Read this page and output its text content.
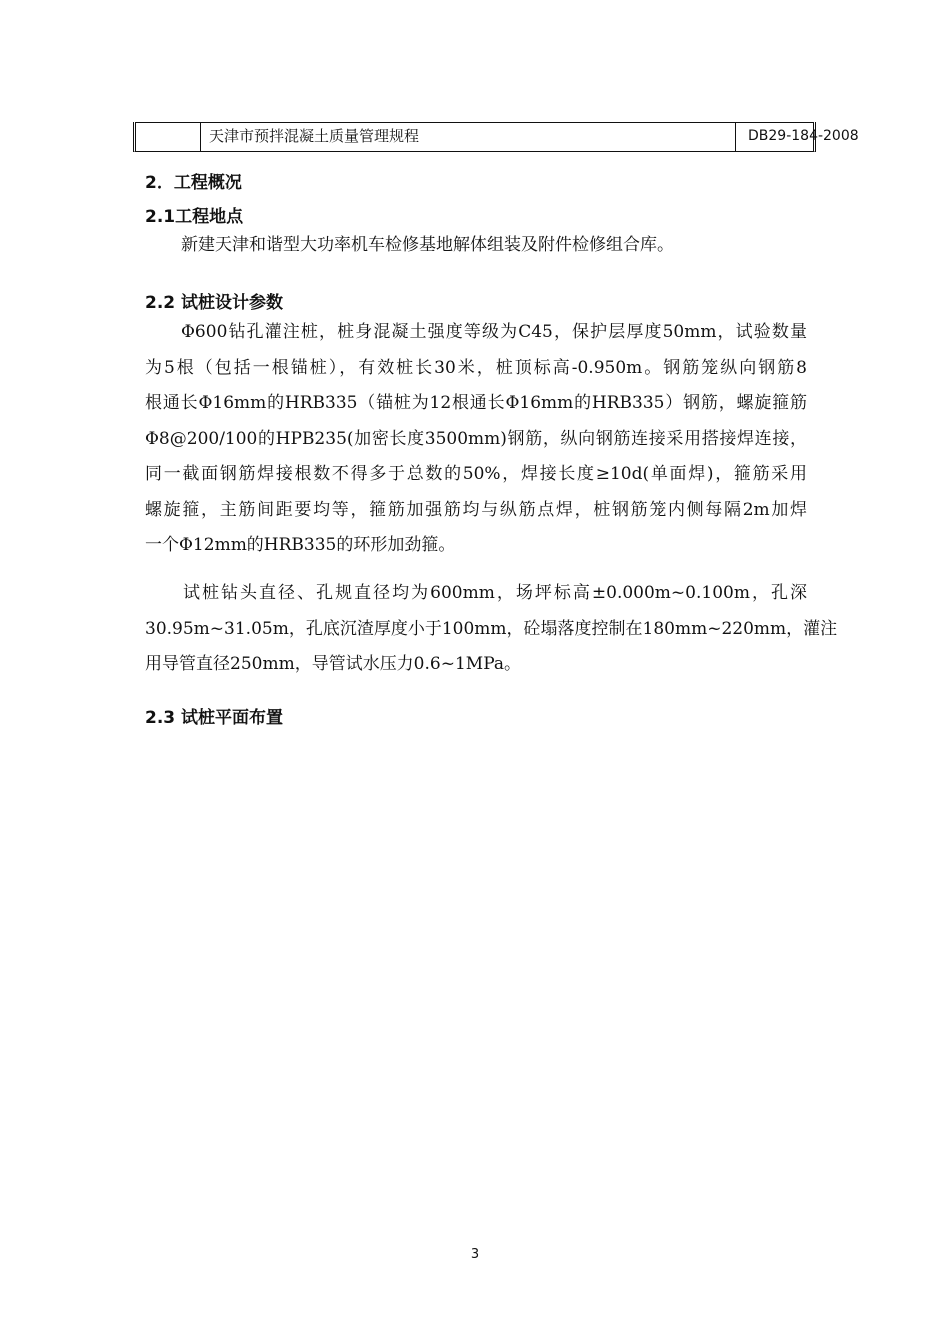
天津市预拌混凝土质量管理规程	DB29-184-2008
2．工程概况
2.1工程地点
新建天津和谐型大功率机车检修基地解体组装及附件检修组合库。
2.2 试桩设计参数
Φ600钻孔灌注桩，桩身混凝土强度等级为C45，保护层厚度50mm，试验数量
为5根（包括一根锚桩），有效桩长30米，桩顶标高-0.950m。钢筋笼纵向钢筋8
根通长Φ16mm的HRB335（锚桩为12根通长Φ16mm的HRB335）钢筋，螺旋箍筋
Φ8@200/100的HPB235(加密长度3500mm)钢筋，纵向钢筋连接采用搭接焊连接，
同一截面钢筋焊接根数不得多于总数的50%，焊接长度≥10d(单面焊)，箍筋采用
螺旋箍，主筋间距要均等，箍筋加强筋均与纵筋点焊，桩钢筋笼内侧每隔2m加焊
一个Φ12mm的HRB335的环形加劲箍。
试桩钻头直径、孔规直径均为600mm，场坪标高±0.000m~0.100m，孔深
30.95m~31.05m，孔底沉渣厚度小于100mm，砼塌落度控制在180mm~220mm，灌注
用导管直径250mm，导管试水压力0.6~1MPa。
2.3 试桩平面布置
3
